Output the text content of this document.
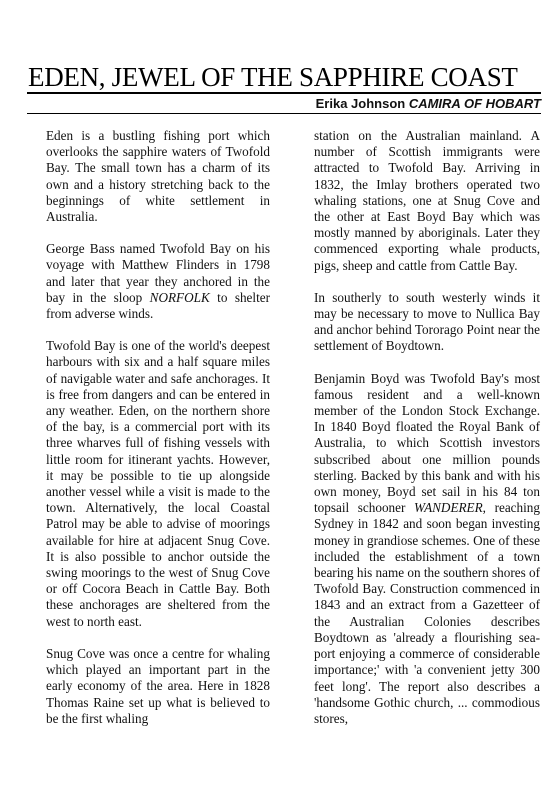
EDEN, JEWEL OF THE SAPPHIRE COAST
Erika Johnson CAMIRA OF HOBART

Eden is a bustling fishing port which overlooks the sapphire waters of Twofold Bay. The small town has a charm of its own and a history stretching back to the beginnings of white settlement in Australia.

George Bass named Twofold Bay on his voyage with Matthew Flinders in 1798 and later that year they anchored in the bay in the sloop NORFOLK to shelter from adverse winds.

Twofold Bay is one of the world's deepest harbours with six and a half square miles of navigable water and safe anchorages. It is free from dangers and can be entered in any weather. Eden, on the northern shore of the bay, is a commercial port with its three wharves full of fishing vessels with little room for itinerant yachts. However, it may be possible to tie up alongside another vessel while a visit is made to the town. Alternatively, the local Coastal Patrol may be able to advise of moorings available for hire at adjacent Snug Cove. It is also possible to anchor outside the swing moorings to the west of Snug Cove or off Cocora Beach in Cattle Bay. Both these anchorages are sheltered from the west to north east.

Snug Cove was once a centre for whaling which played an important part in the early economy of the area. Here in 1828 Thomas Raine set up what is believed to be the first whaling

station on the Australian mainland. A number of Scottish immigrants were attracted to Twofold Bay. Arriving in 1832, the Imlay brothers operated two whaling stations, one at Snug Cove and the other at East Boyd Bay which was mostly manned by aboriginals. Later they commenced exporting whale products, pigs, sheep and cattle from Cattle Bay.

In southerly to south westerly winds it may be necessary to move to Nullica Bay and anchor behind Tororago Point near the settlement of Boydtown.

Benjamin Boyd was Twofold Bay's most famous resident and a well-known member of the London Stock Exchange. In 1840 Boyd floated the Royal Bank of Australia, to which Scottish investors subscribed about one million pounds sterling. Backed by this bank and with his own money, Boyd set sail in his 84 ton topsail schooner WANDERER, reaching Sydney in 1842 and soon began investing money in grandiose schemes. One of these included the establishment of a town bearing his name on the southern shores of Twofold Bay. Construction commenced in 1843 and an extract from a Gazetteer of the Australian Colonies describes Boydtown as 'already a flourishing sea-port enjoying a commerce of considerable importance;' with 'a convenient jetty 300 feet long'. The report also describes a 'handsome Gothic church, ... commodious stores,
